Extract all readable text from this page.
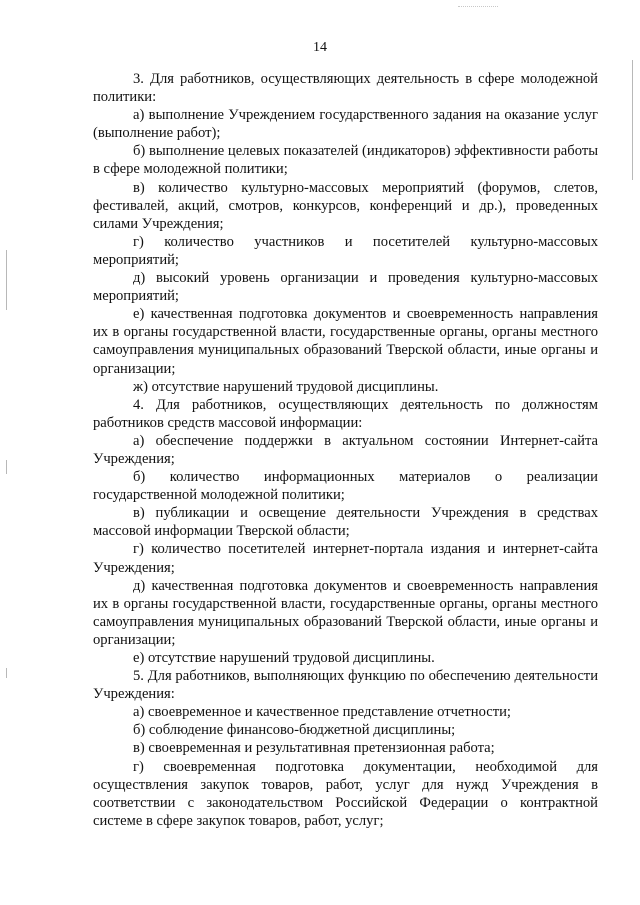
14

3. Для работников, осуществляющих деятельность в сфере молодежной политики:

а) выполнение Учреждением государственного задания на оказание услуг (выполнение работ);

б) выполнение целевых показателей (индикаторов) эффективности работы в сфере молодежной политики;

в) количество культурно-массовых мероприятий (форумов, слетов, фестивалей, акций, смотров, конкурсов, конференций и др.), проведенных силами Учреждения;

г) количество участников и посетителей культурно-массовых мероприятий;

д) высокий уровень организации и проведения культурно-массовых мероприятий;

е) качественная подготовка документов и своевременность направления их в органы государственной власти, государственные органы, органы местного самоуправления муниципальных образований Тверской области, иные органы и организации;

ж) отсутствие нарушений трудовой дисциплины.

4. Для работников, осуществляющих деятельность по должностям работников средств массовой информации:

а) обеспечение поддержки в актуальном состоянии Интернет-сайта Учреждения;

б) количество информационных материалов о реализации государственной молодежной политики;

в) публикации и освещение деятельности Учреждения в средствах массовой информации Тверской области;

г) количество посетителей интернет-портала издания и интернет-сайта Учреждения;

д) качественная подготовка документов и своевременность направления их в органы государственной власти, государственные органы, органы местного самоуправления муниципальных образований Тверской области, иные органы и организации;

е) отсутствие нарушений трудовой дисциплины.

5. Для работников, выполняющих функцию по обеспечению деятельности Учреждения:

а) своевременное и качественное представление отчетности;

б) соблюдение финансово-бюджетной дисциплины;

в) своевременная и результативная претензионная работа;

г) своевременная подготовка документации, необходимой для осуществления закупок товаров, работ, услуг для нужд Учреждения в соответствии с законодательством Российской Федерации о контрактной системе в сфере закупок товаров, работ, услуг;
